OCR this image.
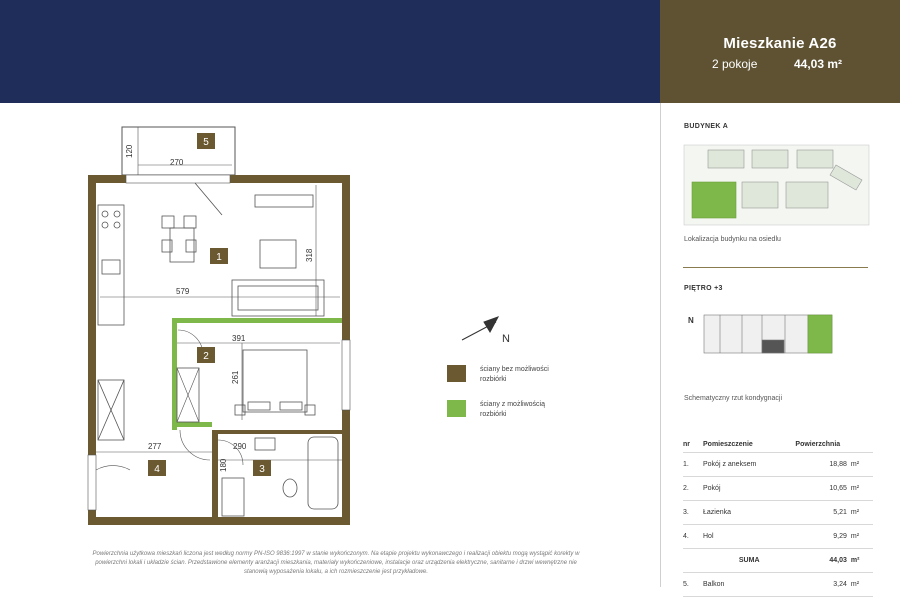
Mieszkanie A26
2 pokoje	44,03 m²
270
120
318
579
391
261
277	290
180
5
1
2
3
4
N
N
ściany bez możliwości
rozbiórki
ściany z możliwością
rozbiórki
BUDYNEK A
Lokalizacja budynku na osiedlu
PIĘTRO +3
Schematyczny rzut kondygnacji
nr	Pomieszczenie	Powierzchnia	
1.	Pokój z aneksem	18,88	m²
2.	Pokój	10,65	m²
3.	Łazienka	5,21	m²
4.	Hol	9,29	m²
	SUMA	44,03	m²
5.	Balkon	3,24	m²
Powierzchnia użytkowa mieszkań liczona jest według normy PN-ISO 9836:1997 w stanie wykończonym. Na etapie projektu wykonawczego i realizacji obiektu mogą wystąpić korekty w powierzchni lokali i układzie ścian. Przedstawione elementy aranżacji mieszkania, materiały wykończeniowe, instalacje oraz urządzenia elektryczne, sanitarne i drzwi wewnętrzne nie stanowią wyposażenia lokalu, a ich rozmieszczenie jest przykładowe.
